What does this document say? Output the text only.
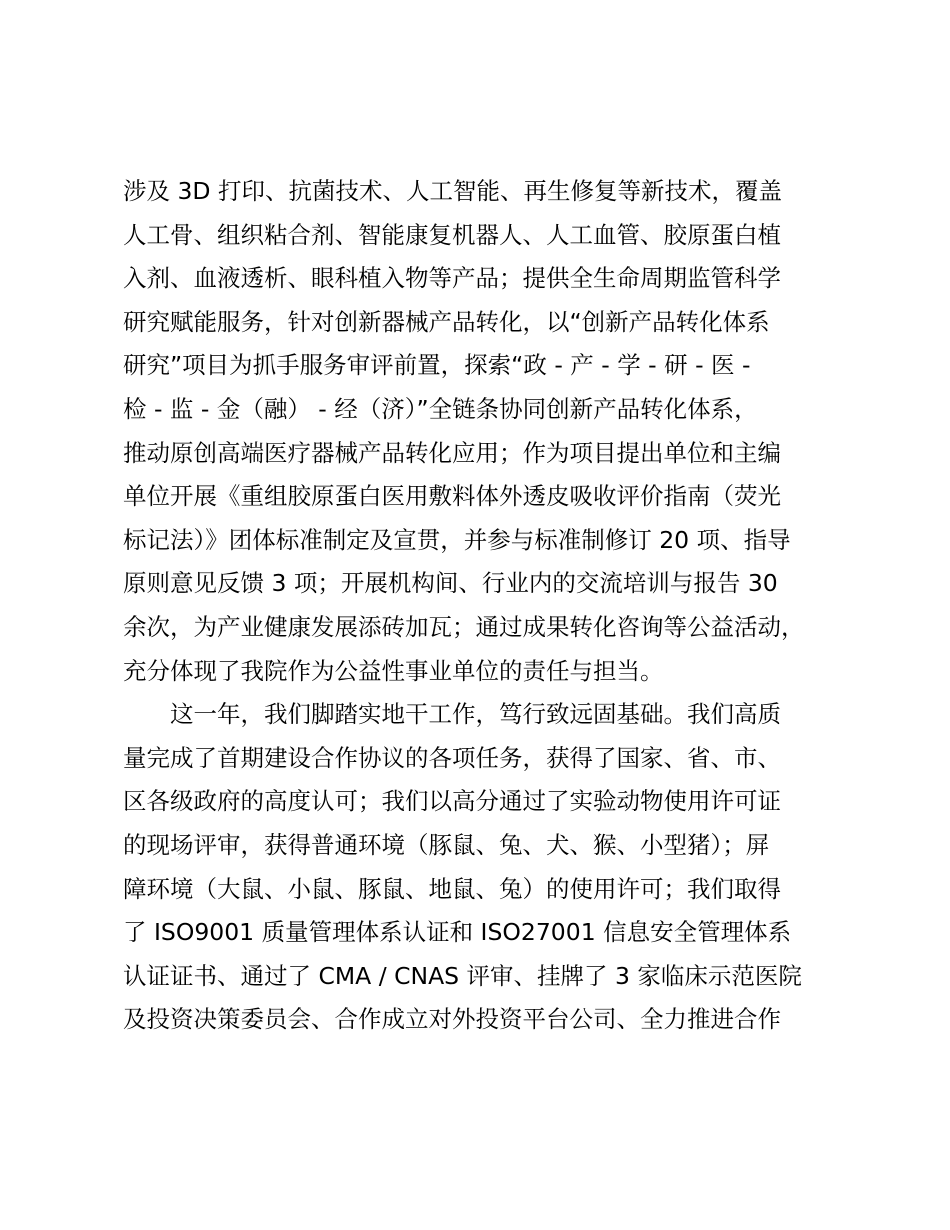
涉及 3D 打印、抗菌技术、人工智能、再生修复等新技术，覆盖
人工骨、组织粘合剂、智能康复机器人、人工血管、胶原蛋白植
入剂、血液透析、眼科植入物等产品；提供全生命周期监管科学
研究赋能服务，针对创新器械产品转化，以“创新产品转化体系
研究”项目为抓手服务审评前置，探索“政 - 产 - 学 - 研 - 医 -
检 - 监 - 金（融） - 经（济）”全链条协同创新产品转化体系，
推动原创高端医疗器械产品转化应用；作为项目提出单位和主编
单位开展《重组胶原蛋白医用敷料体外透皮吸收评价指南（荧光
标记法）》团体标准制定及宣贯，并参与标准制修订 20 项、指导
原则意见反馈 3 项；开展机构间、行业内的交流培训与报告 30
余次，为产业健康发展添砖加瓦；通过成果转化咨询等公益活动，
充分体现了我院作为公益性事业单位的责任与担当。
这一年，我们脚踏实地干工作，笃行致远固基础。我们高质
量完成了首期建设合作协议的各项任务，获得了国家、省、市、
区各级政府的高度认可；我们以高分通过了实验动物使用许可证
的现场评审，获得普通环境（豚鼠、兔、犬、猴、小型猪）；屏
障环境（大鼠、小鼠、豚鼠、地鼠、兔）的使用许可；我们取得
了 ISO9001 质量管理体系认证和 ISO27001 信息安全管理体系
认证证书、通过了 CMA / CNAS 评审、挂牌了 3 家临床示范医院
及投资决策委员会、合作成立对外投资平台公司、全力推进合作
